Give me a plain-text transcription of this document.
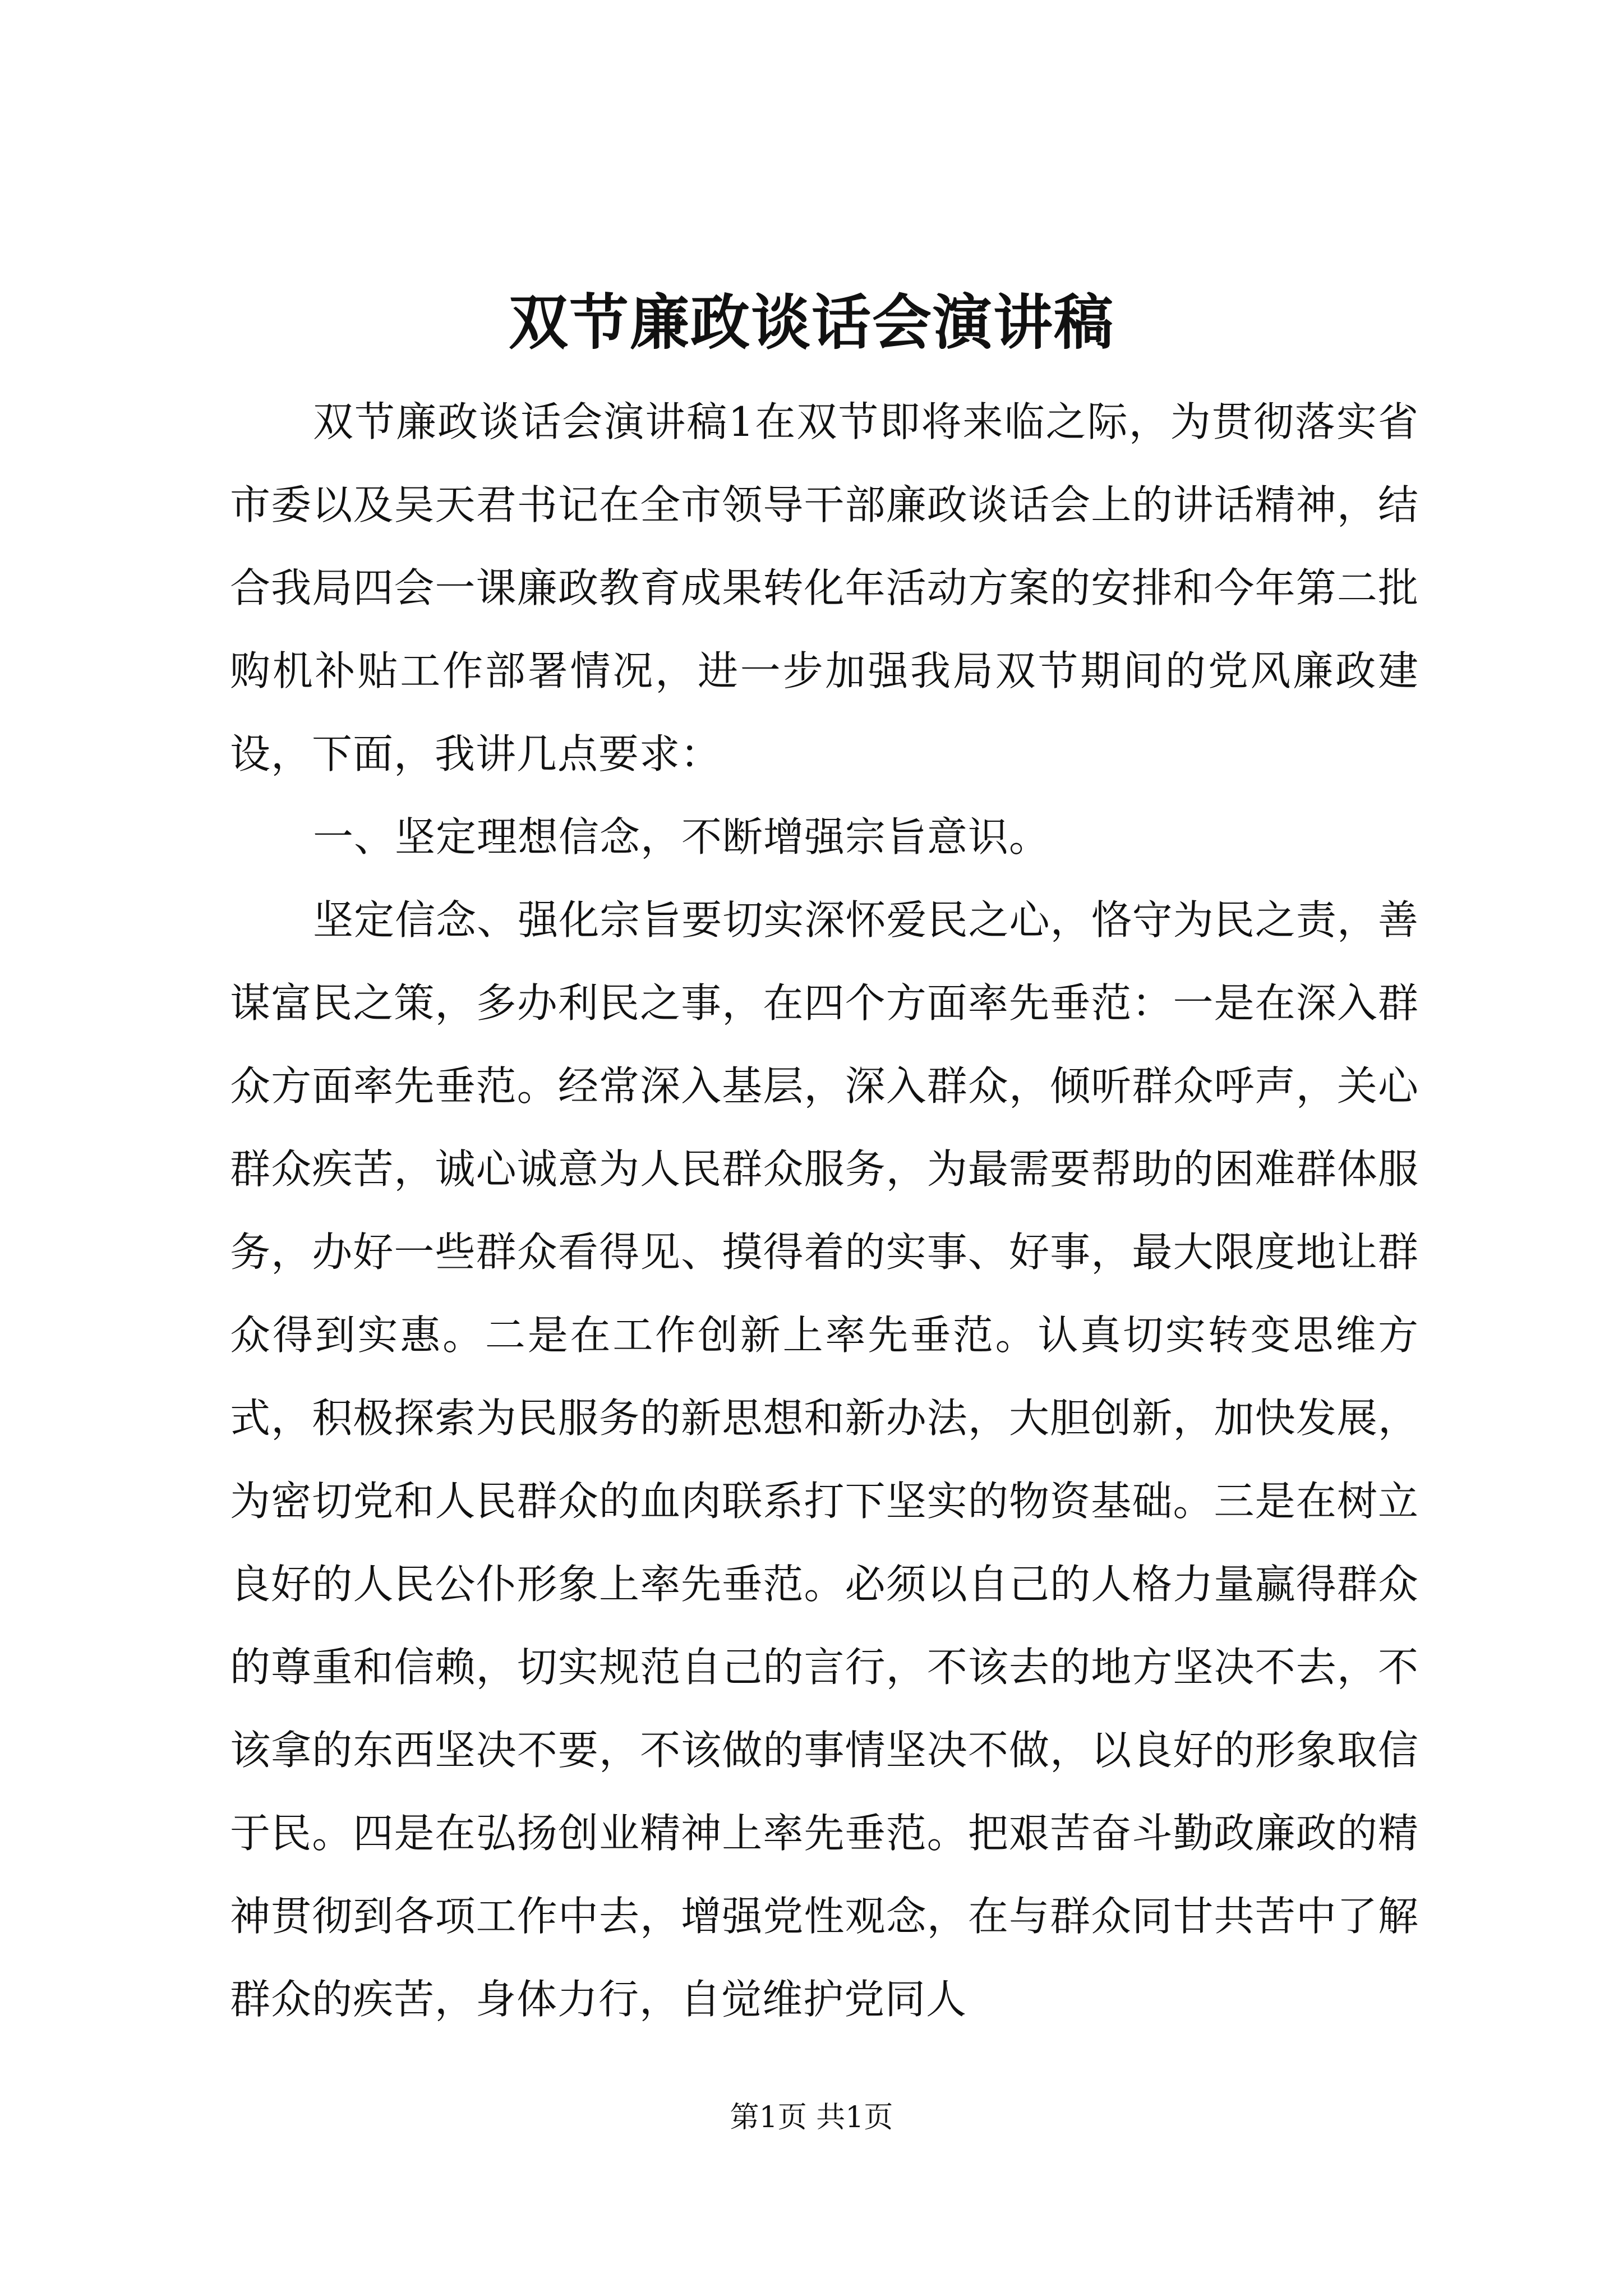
双节廉政谈话会演讲稿

双节廉政谈话会演讲稿1在双节即将来临之际，为贯彻落实省市委以及吴天君书记在全市领导干部廉政谈话会上的讲话精神，结合我局四会一课廉政教育成果转化年活动方案的安排和今年第二批购机补贴工作部署情况，进一步加强我局双节期间的党风廉政建设，下面，我讲几点要求：

一、坚定理想信念，不断增强宗旨意识。

坚定信念、强化宗旨要切实深怀爱民之心，恪守为民之责，善谋富民之策，多办利民之事，在四个方面率先垂范：一是在深入群众方面率先垂范。经常深入基层，深入群众，倾听群众呼声，关心群众疾苦，诚心诚意为人民群众服务，为最需要帮助的困难群体服务，办好一些群众看得见、摸得着的实事、好事，最大限度地让群众得到实惠。二是在工作创新上率先垂范。认真切实转变思维方式，积极探索为民服务的新思想和新办法，大胆创新，加快发展，为密切党和人民群众的血肉联系打下坚实的物资基础。三是在树立良好的人民公仆形象上率先垂范。必须以自己的人格力量赢得群众的尊重和信赖，切实规范自己的言行，不该去的地方坚决不去，不该拿的东西坚决不要，不该做的事情坚决不做，以良好的形象取信于民。四是在弘扬创业精神上率先垂范。把艰苦奋斗勤政廉政的精神贯彻到各项工作中去，增强党性观念，在与群众同甘共苦中了解群众的疾苦，身体力行，自觉维护党同人

第1页 共1页
